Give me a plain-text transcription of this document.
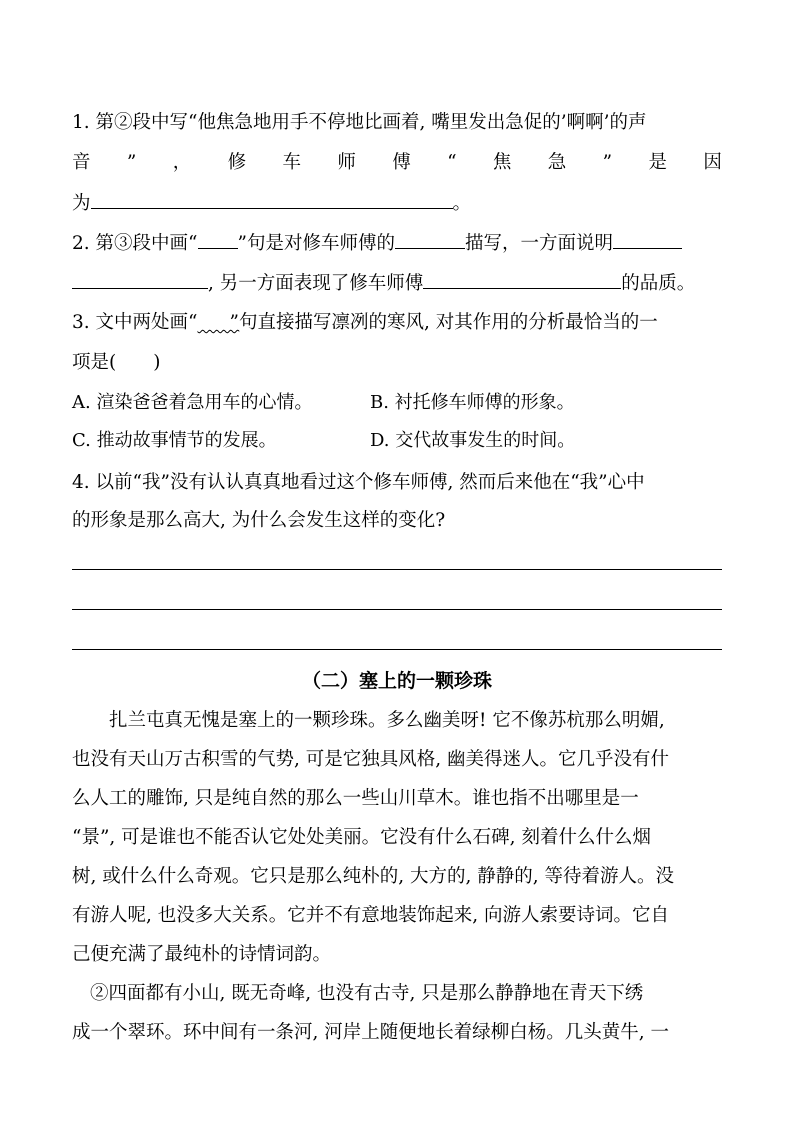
1. 第②段中写“他焦急地用手不停地比画着, 嘴里发出急促的’啊啊’的声
音 ” ， 修 车 师 傅 “ 焦 急 ” 是 因
为	。
2. 第③段中画“ ”句是对修车师傅的	描写，一方面说明
, 另一方面表现了修车师傅	的品质。
3. 文中两处画“ ”句直接描写凛冽的寒风, 对其作用的分析最恰当的一
项是(　　)
A. 渲染爸爸着急用车的心情。	B. 衬托修车师傅的形象。
C. 推动故事情节的发展。	D. 交代故事发生的时间。
4. 以前“我”没有认认真真地看过这个修车师傅, 然而后来他在“我”心中
的形象是那么高大, 为什么会发生这样的变化?
（二）塞上的一颗珍珠
扎兰屯真无愧是塞上的一颗珍珠。多么幽美呀! 它不像苏杭那么明媚,
也没有天山万古积雪的气势, 可是它独具风格, 幽美得迷人。它几乎没有什
么人工的雕饰, 只是纯自然的那么一些山川草木。谁也指不出哪里是一
“景”, 可是谁也不能否认它处处美丽。它没有什么石碑, 刻着什么什么烟
树, 或什么什么奇观。它只是那么纯朴的, 大方的, 静静的, 等待着游人。没
有游人呢, 也没多大关系。它并不有意地装饰起来, 向游人索要诗词。它自
己便充满了最纯朴的诗情词韵。
②四面都有小山, 既无奇峰, 也没有古寺, 只是那么静静地在青天下绣
成一个翠环。环中间有一条河, 河岸上随便地长着绿柳白杨。几头黄牛, 一
